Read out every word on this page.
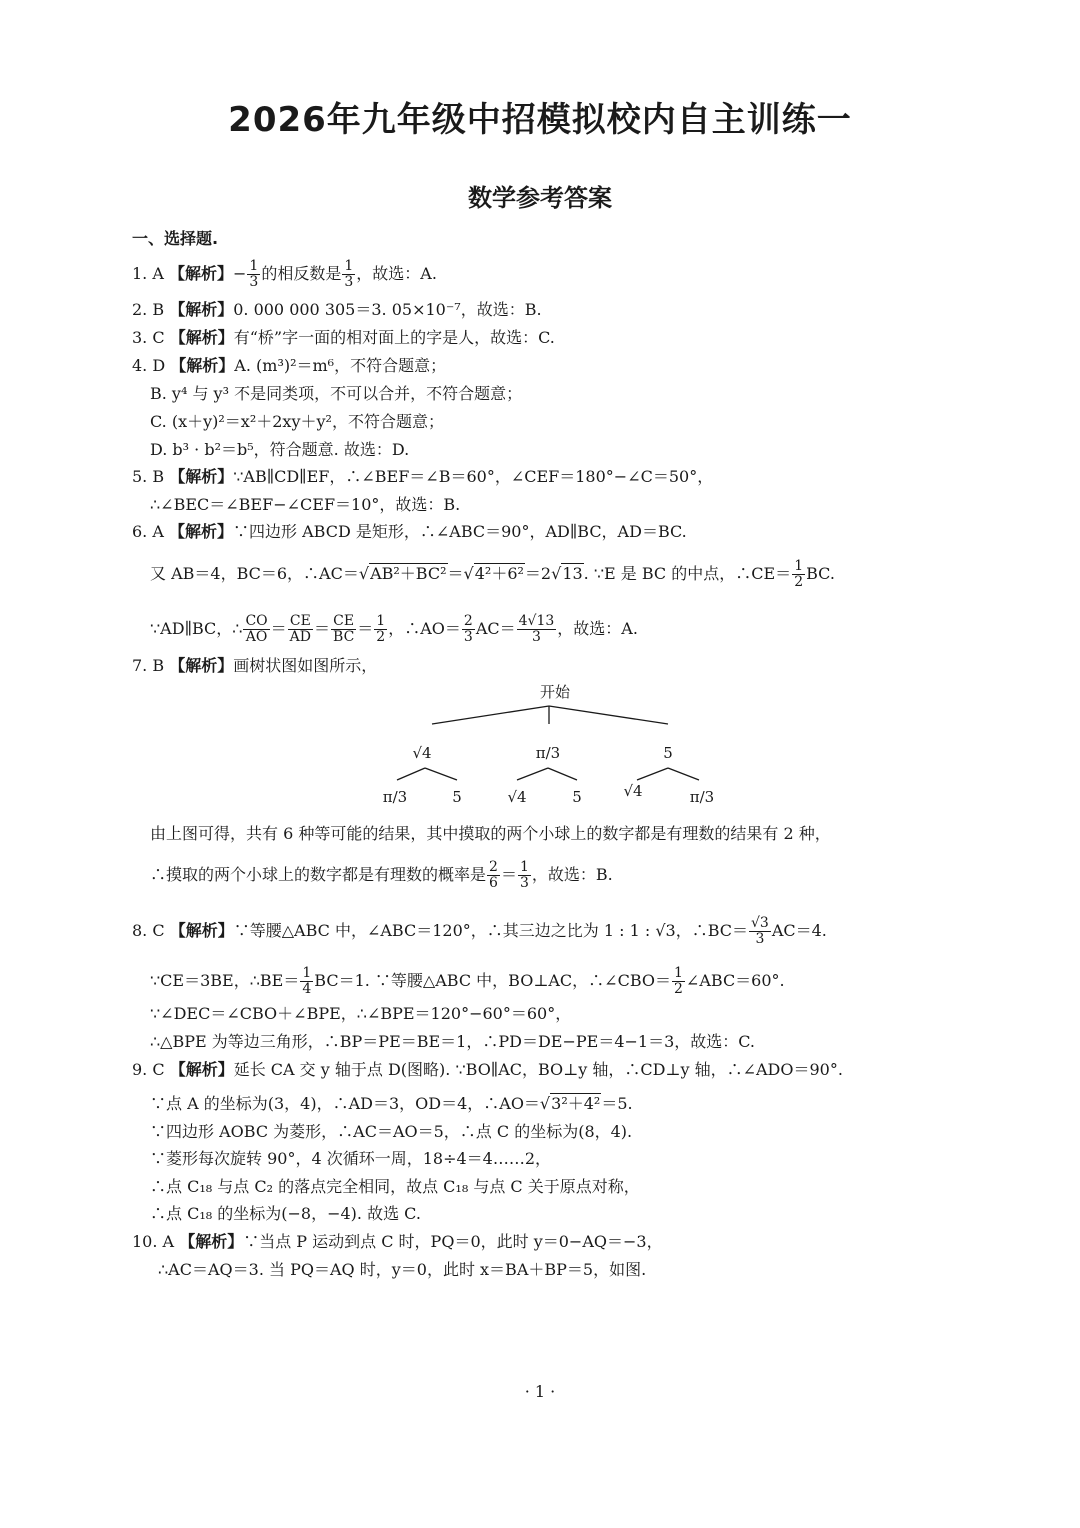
2026年九年级中招模拟校内自主训练一
数学参考答案
一、选择题.
1. A 【解析】− $\frac{1}{3}$ 的相反数是 $\frac{1}{3}$ ，故选：A.
2. B 【解析】0. 000 000 305＝3. 05×10⁻⁷，故选：B.
3. C 【解析】有“桥”字一面的相对面上的字是人，故选：C.
4. D 【解析】A. (m³)²＝m⁶，不符合题意；
B. y⁴ 与 y³ 不是同类项，不可以合并，不符合题意；
C. (x＋y)²＝x²＋2xy＋y²，不符合题意；
D. b³ · b²＝b⁵，符合题意. 故选：D.
5. B 【解析】∵AB∥CD∥EF，∴∠BEF＝∠B＝60°，∠CEF＝180°−∠C＝50°，
∴∠BEC＝∠BEF−∠CEF＝10°，故选：B.
6. A 【解析】∵四边形 ABCD 是矩形，∴∠ABC＝90°，AD∥BC，AD＝BC.
又 AB＝4，BC＝6，∴AC＝√AB²＋BC²＝√4²＋6²＝2√13. ∵E 是 BC 的中点，∴CE＝ $\frac{1}{2}$ BC.
∵AD∥BC，∴ $\frac{CO}{AO} = \frac{CE}{AD} = \frac{CE}{BC} = \frac{1}{2}$ ，∴AO＝ $\frac{2}{3} AC= \frac{4√13}{3}$ ，故选：A.
7. B 【解析】画树状图如图所示，
开始
√4	π/3	5
π/3	5	√4	5	√4	π/3
由上图可得，共有 6 种等可能的结果，其中摸取的两个小球上的数字都是有理数的结果有 2 种，
∴摸取的两个小球上的数字都是有理数的概率是 $\frac{2}{6} = \frac{1}{3}$ ，故选：B.
8. C 【解析】∵等腰△ABC 中，∠ABC＝120°，∴其三边之比为 1 : 1 : √3，∴BC＝ $\frac{√3}{3} AC=4$.
∵CE＝3BE，∴BE＝ $\frac{1}{4} BC=1$. ∵等腰△ABC 中，BO⊥AC，∴∠CBO＝ $\frac{1}{2}$ ∠ABC＝60°.
∵∠DEC＝∠CBO＋∠BPE，∴∠BPE＝120°−60°＝60°，
∴△BPE 为等边三角形，∴BP＝PE＝BE＝1，∴PD＝DE−PE＝4−1＝3，故选：C.
9. C 【解析】延长 CA 交 y 轴于点 D(图略). ∵BO∥AC，BO⊥y 轴，∴CD⊥y 轴，∴∠ADO＝90°.
∵点 A 的坐标为(3，4)，∴AD＝3，OD＝4，∴AO＝√3²＋4²＝5.
∵四边形 AOBC 为菱形，∴AC＝AO＝5，∴点 C 的坐标为(8，4).
∵菱形每次旋转 90°，4 次循环一周，18÷4＝4……2，
∴点 C₁₈ 与点 C₂ 的落点完全相同，故点 C₁₈ 与点 C 关于原点对称，
∴点 C₁₈ 的坐标为(−8，−4). 故选 C.
10. A 【解析】∵当点 P 运动到点 C 时，PQ＝0，此时 y＝0−AQ＝−3，
∴AC＝AQ＝3. 当 PQ＝AQ 时，y＝0，此时 x＝BA＋BP＝5，如图.
· 1 ·
